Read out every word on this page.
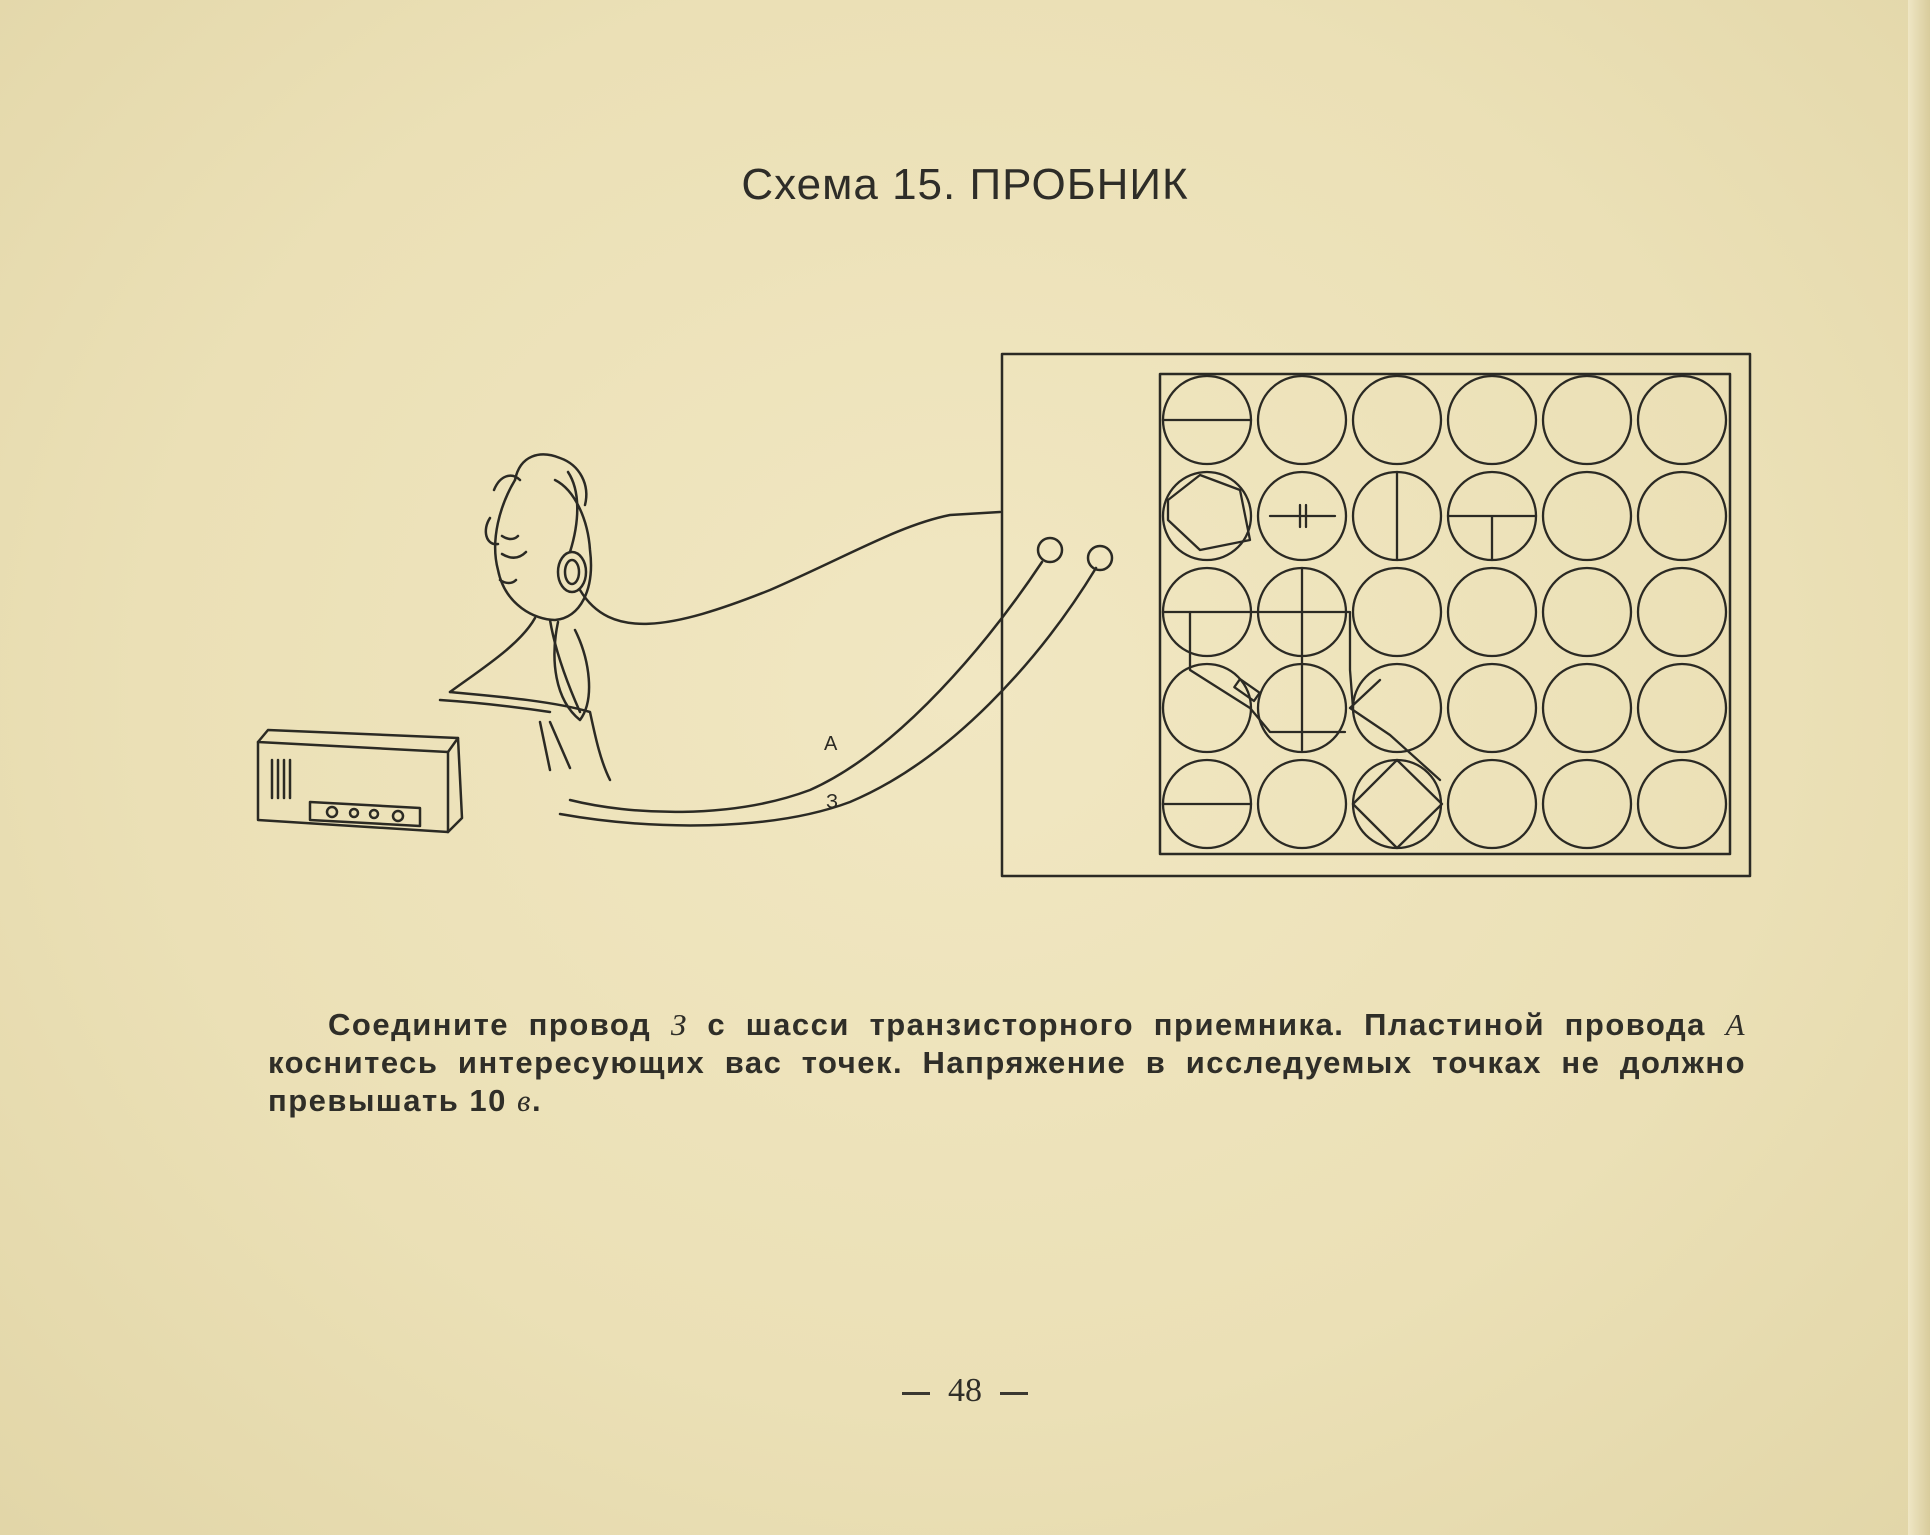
Схема 15. ПРОБНИК
А
З

Соедините провод З с шасси транзисторного приемника. Пластиной провода А коснитесь интересующих вас точек. Напряжение в исследуемых точках не должно превышать 10 в.

48
